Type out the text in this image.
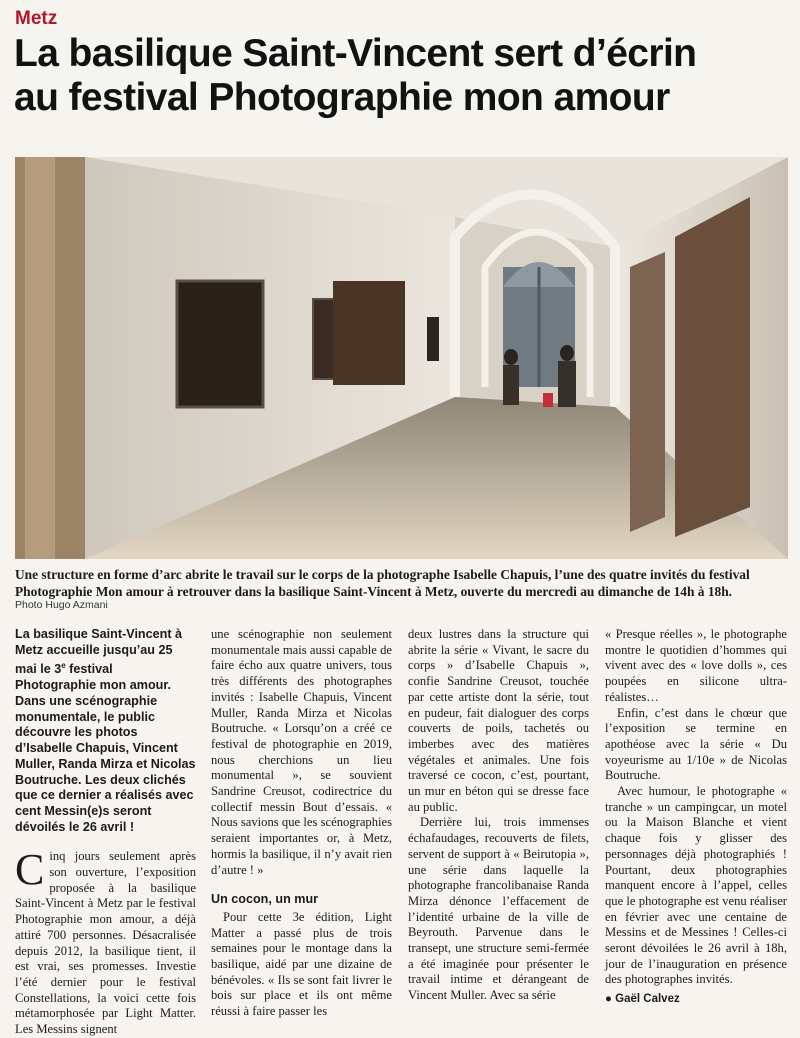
Metz
La basilique Saint-Vincent sert d’écrin
au festival Photographie mon amour

Une structure en forme d’arc abrite le travail sur le corps de la photographe Isabelle Chapuis, l’une des quatre invités du festival Photographie Mon amour à retrouver dans la basilique Saint-Vincent à Metz, ouverte du mercredi au dimanche de 14h à 18h.

Photo Hugo Azmani

La basilique Saint-Vincent à Metz accueille jusqu’au 25 mai le 3e festival Photographie mon amour. Dans une scénographie monumentale, le public découvre les photos d’Isabelle Chapuis, Vincent Muller, Randa Mirza et Nicolas Boutruche. Les deux clichés que ce dernier a réalisés avec cent Messin(e)s seront dévoilés le 26 avril !

C inq jours seulement après son ouverture, l’exposition proposée à la basilique Saint-Vincent à Metz par le festival Photographie mon amour, a déjà attiré 700 personnes. Désacralisée depuis 2012, la basilique tient, il est vrai, ses promesses. Investie l’été dernier pour le festival Constellations, la voici cette fois métamorphosée par Light Matter. Les Messins signent

une scénographie non seulement monumentale mais aussi capable de faire écho aux quatre univers, tous très différents des photographes invités : Isabelle Chapuis, Vincent Muller, Randa Mirza et Nicolas Boutruche. « Lorsqu’on a créé ce festival de photographie en 2019, nous cherchions un lieu monumental », se souvient Sandrine Creusot, codirectrice du collectif messin Bout d’essais. « Nous savions que les scénographies seraient importantes or, à Metz, hormis la basilique, il n’y avait rien d’autre ! »

Un cocon, un mur

Pour cette 3e édition, Light Matter a passé plus de trois semaines pour le montage dans la basilique, aidé par une dizaine de bénévoles. « Ils se sont fait livrer le bois sur place et ils ont même réussi à faire passer les

deux lustres dans la structure qui abrite la série « Vivant, le sacre du corps » d’Isabelle Chapuis », confie Sandrine Creusot, touchée par cette artiste dont la série, tout en pudeur, fait dialoguer des corps couverts de poils, tachetés ou imberbes avec des matières végétales et animales. Une fois traversé ce cocon, c’est, pourtant, un mur en béton qui se dresse face au public.

Derrière lui, trois immenses échafaudages, recouverts de filets, servent de support à « Beirutopia », une série dans laquelle la photographe francolibanaise Randa Mirza dénonce l’effacement de l’identité urbaine de la ville de Beyrouth. Parvenue dans le transept, une structure semi-fermée a été imaginée pour présenter le travail intime et dérangeant de Vincent Muller. Avec sa série

« Presque réelles », le photographe montre le quotidien d’hommes qui vivent avec des « love dolls », ces poupées en silicone ultra-réalistes…

Enfin, c’est dans le chœur que l’exposition se termine en apothéose avec la série « Du voyeurisme au 1/10e » de Nicolas Boutruche.

Avec humour, le photographe « tranche » un campingcar, un motel ou la Maison Blanche et vient chaque fois y glisser des personnages déjà photographiés ! Pourtant, deux photographies manquent encore à l’appel, celles que le photographe est venu réaliser en février avec une centaine de Messins et de Messines ! Celles-ci seront dévoilées le 26 avril à 18h, jour de l’inauguration en présence des photographes invités.

● Gaël Calvez
